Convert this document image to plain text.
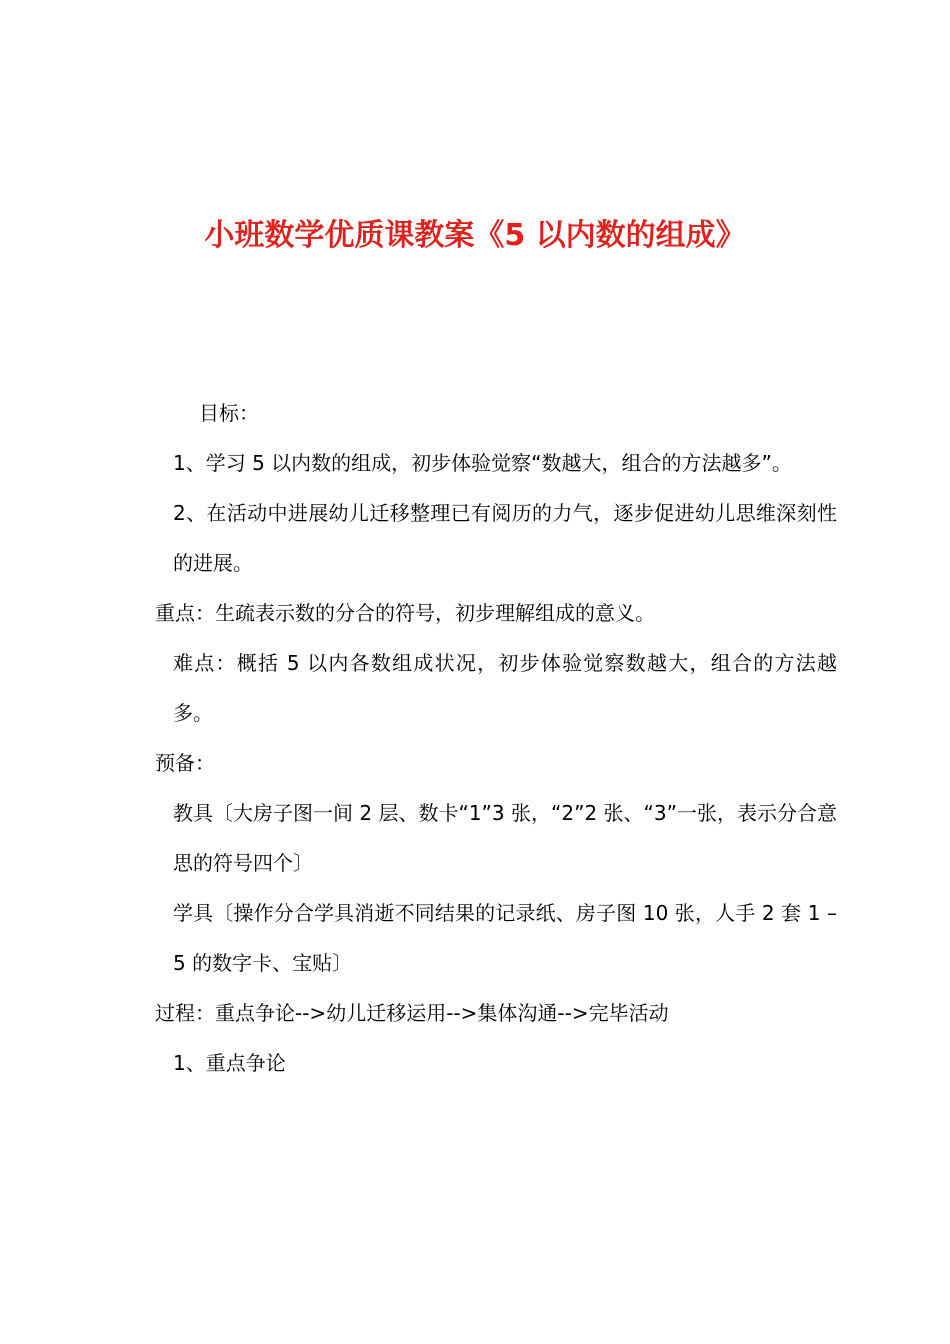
小班数学优质课教案《5 以内数的组成》

目标：

1、学习 5 以内数的组成，初步体验觉察“数越大，组合的方法越多”。

2、在活动中进展幼儿迁移整理已有阅历的力气，逐步促进幼儿思维深刻性的进展。

重点：生疏表示数的分合的符号，初步理解组成的意义。

难点：概括 5 以内各数组成状况，初步体验觉察数越大，组合的方法越多。

预备：

教具〔大房子图一间 2 层、数卡“1”3 张，“2”2 张、“3”一张，表示分合意思的符号四个〕

学具〔操作分合学具消逝不同结果的记录纸、房子图 10 张，人手 2 套 1 – 5 的数字卡、宝贴〕

过程：重点争论-->幼儿迁移运用-->集体沟通-->完毕活动

1、重点争论
